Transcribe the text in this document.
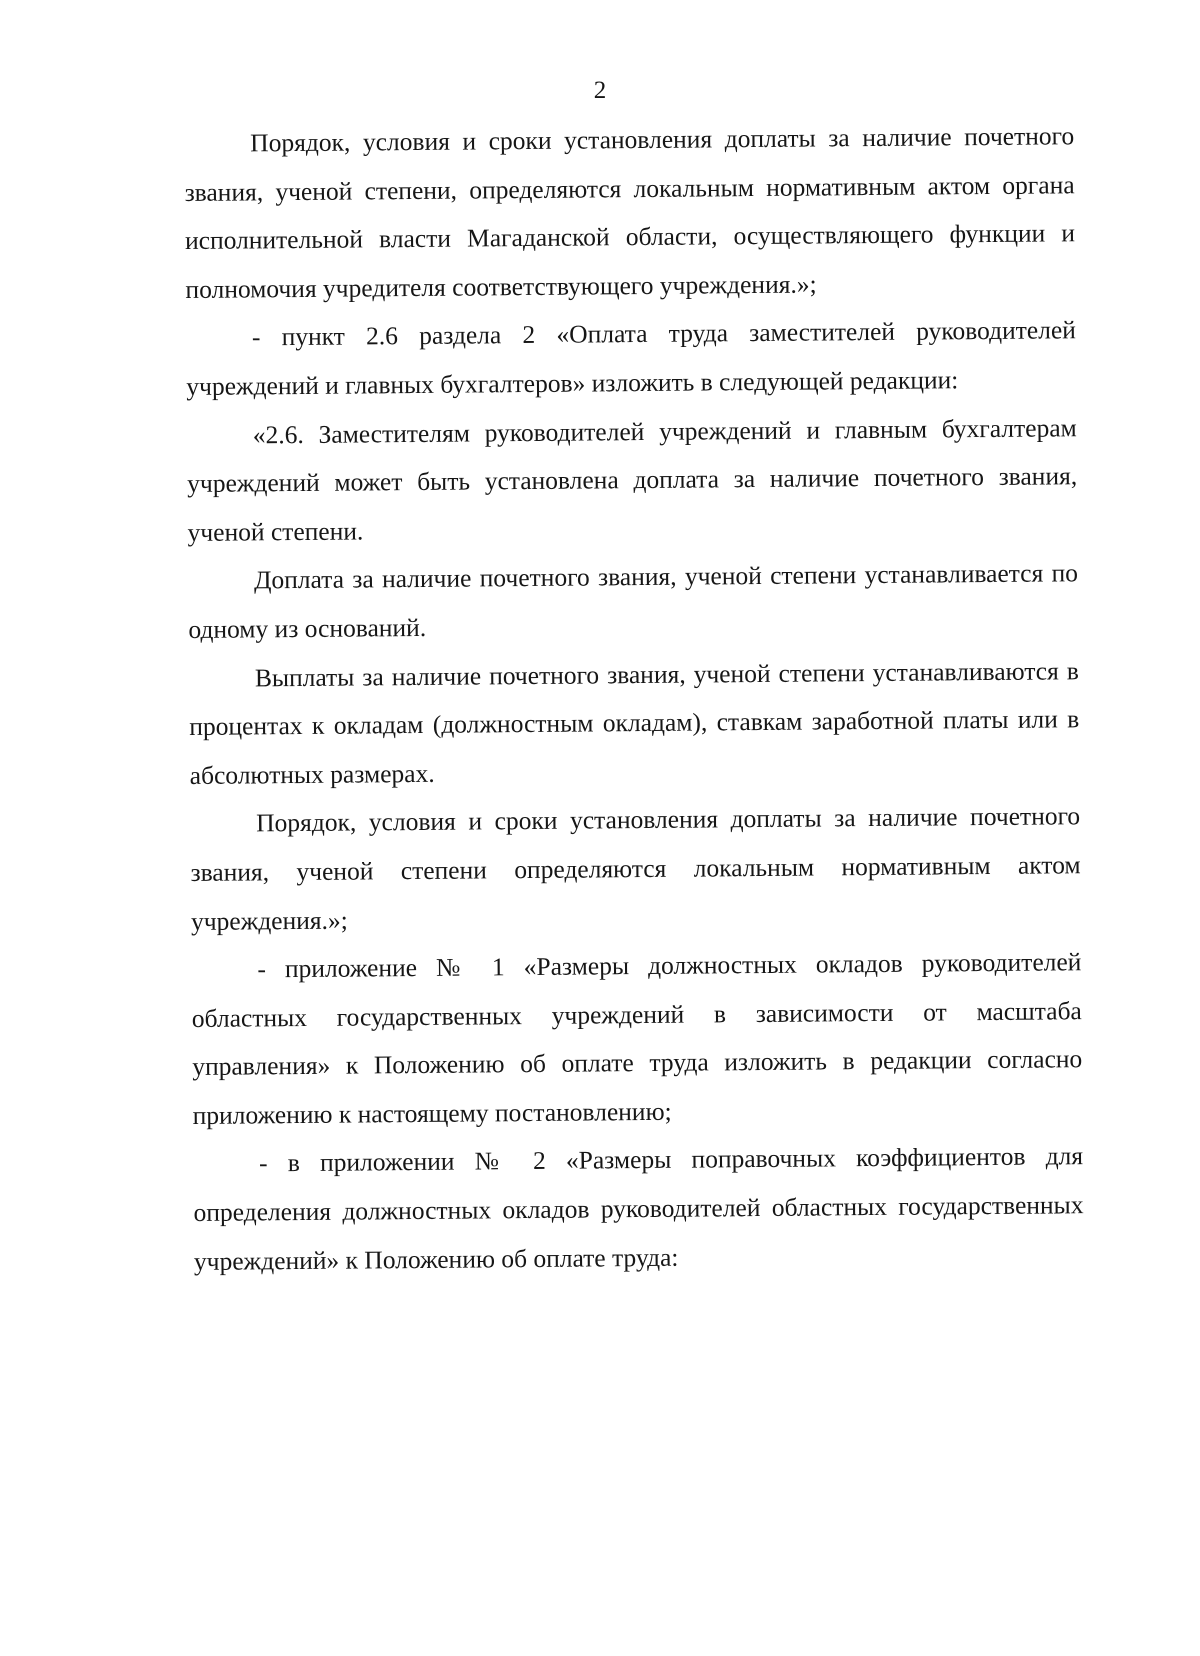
2

Порядок, условия и сроки установления доплаты за наличие почетного звания, ученой степени, определяются локальным нормативным актом органа исполнительной власти Магаданской области, осуществляющего функции и полномочия учредителя соответствующего учреждения.»;

- пункт 2.6 раздела 2 «Оплата труда заместителей руководителей учреждений и главных бухгалтеров» изложить в следующей редакции:

«2.6. Заместителям руководителей учреждений и главным бухгалтерам учреждений может быть установлена доплата за наличие почетного звания, ученой степени.

Доплата за наличие почетного звания, ученой степени устанавливается по одному из оснований.

Выплаты за наличие почетного звания, ученой степени устанавливаются в процентах к окладам (должностным окладам), ставкам заработной платы или в абсолютных размерах.

Порядок, условия и сроки установления доплаты за наличие почетного звания, ученой степени определяются локальным нормативным актом учреждения.»;

- приложение № 1 «Размеры должностных окладов руководителей областных государственных учреждений в зависимости от масштаба управления» к Положению об оплате труда изложить в редакции согласно приложению к настоящему постановлению;

- в приложении № 2 «Размеры поправочных коэффициентов для определения должностных окладов руководителей областных государственных учреждений» к Положению об оплате труда:
